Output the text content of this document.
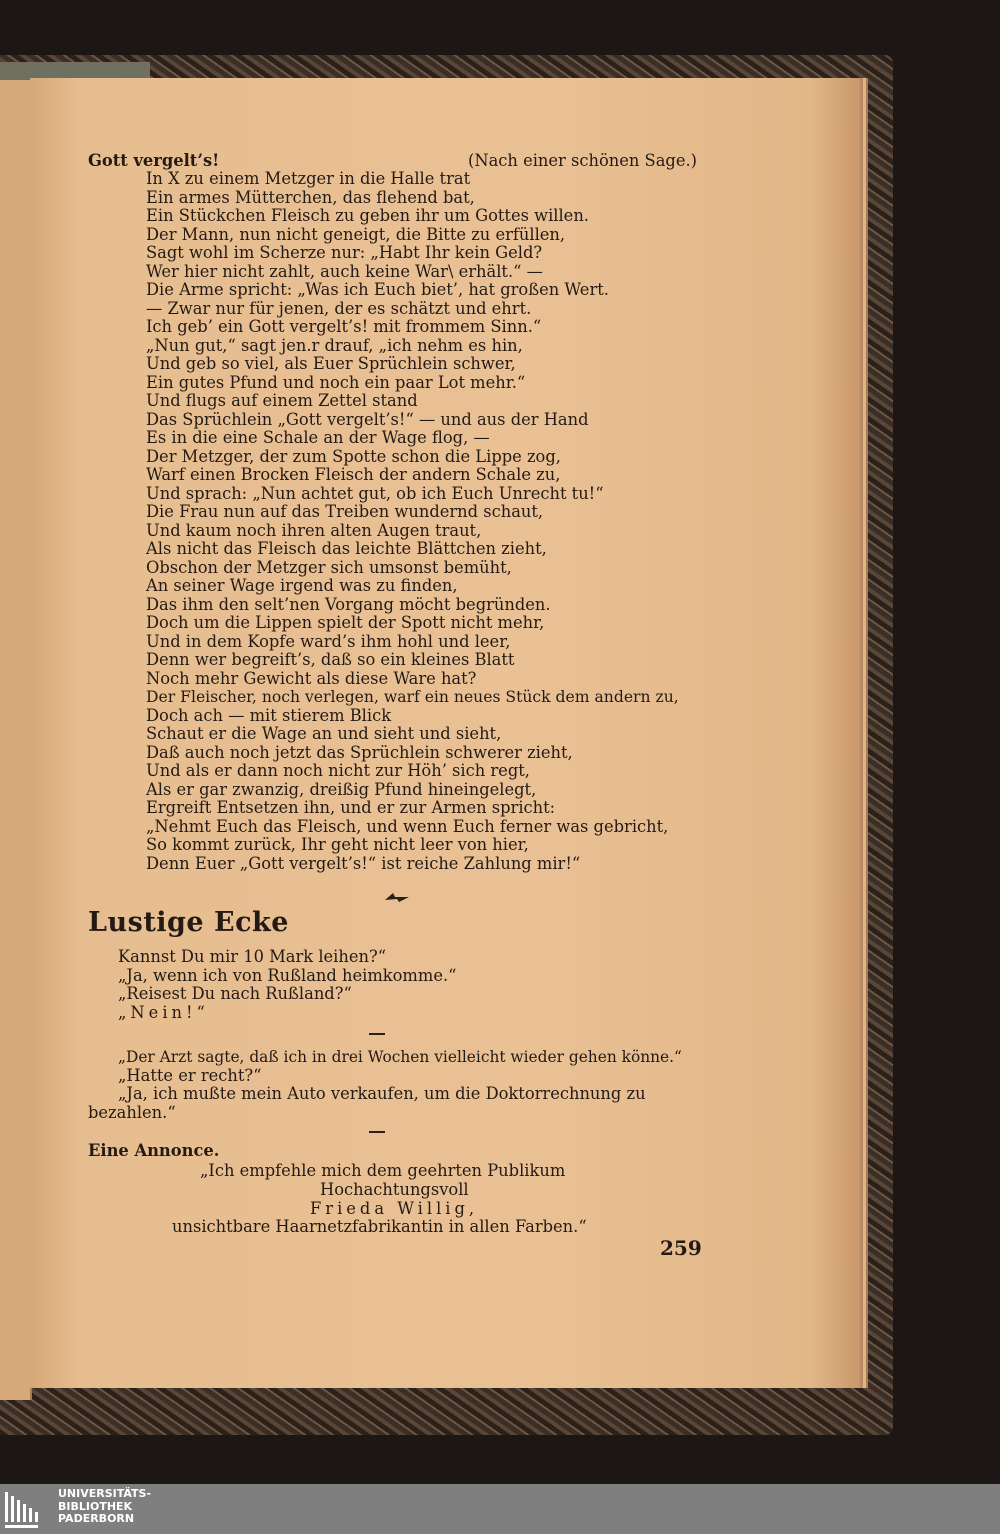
Gott vergelt’s!	(Nach einer schönen Sage.)
In X zu einem Metzger in die Halle trat
Ein armes Mütterchen, das flehend bat,
Ein Stückchen Fleisch zu geben ihr um Gottes willen.
Der Mann, nun nicht geneigt, die Bitte zu erfüllen,
Sagt wohl im Scherze nur: „Habt Ihr kein Geld?
Wer hier nicht zahlt, auch keine War\ erhält.“ —
Die Arme spricht: „Was ich Euch biet’, hat großen Wert.
— Zwar nur für jenen, der es schätzt und ehrt.
Ich geb’ ein Gott vergelt’s! mit frommem Sinn.“
„Nun gut,“ sagt jen.r drauf, „ich nehm es hin,
Und geb so viel, als Euer Sprüchlein schwer,
Ein gutes Pfund und noch ein paar Lot mehr.“
Und flugs auf einem Zettel stand
Das Sprüchlein „Gott vergelt’s!“ — und aus der Hand
Es in die eine Schale an der Wage flog, —
Der Metzger, der zum Spotte schon die Lippe zog,
Warf einen Brocken Fleisch der andern Schale zu,
Und sprach: „Nun achtet gut, ob ich Euch Unrecht tu!“
Die Frau nun auf das Treiben wundernd schaut,
Und kaum noch ihren alten Augen traut,
Als nicht das Fleisch das leichte Blättchen zieht,
Obschon der Metzger sich umsonst bemüht,
An seiner Wage irgend was zu finden,
Das ihm den selt’nen Vorgang möcht begründen.
Doch um die Lippen spielt der Spott nicht mehr,
Und in dem Kopfe ward’s ihm hohl und leer,
Denn wer begreift’s, daß so ein kleines Blatt
Noch mehr Gewicht als diese Ware hat?
Der Fleischer, noch verlegen, warf ein neues Stück dem andern zu,
Doch ach — mit stierem Blick
Schaut er die Wage an und sieht und sieht,
Daß auch noch jetzt das Sprüchlein schwerer zieht,
Und als er dann noch nicht zur Höh’ sich regt,
Als er gar zwanzig, dreißig Pfund hineingelegt,
Ergreift Entsetzen ihn, und er zur Armen spricht:
„Nehmt Euch das Fleisch, und wenn Euch ferner was gebricht,
So kommt zurück, Ihr geht nicht leer von hier,
Denn Euer „Gott vergelt’s!“ ist reiche Zahlung mir!“
Lustige Ecke
Kannst Du mir 10 Mark leihen?“
„Ja, wenn ich von Rußland heimkomme.“
„Reisest Du nach Rußland?“
„Nein!“
„Der Arzt sagte, daß ich in drei Wochen vielleicht wieder gehen könne.“
„Hatte er recht?“
„Ja, ich mußte mein Auto verkaufen, um die Doktorrechnung zu
bezahlen.“
Eine Annonce.
„Ich empfehle mich dem geehrten Publikum
Hochachtungsvoll
Frieda Willig,
unsichtbare Haarnetzfabrikantin in allen Farben.“
259
UNIVERSITÄTS-
BIBLIOTHEK
PADERBORN
